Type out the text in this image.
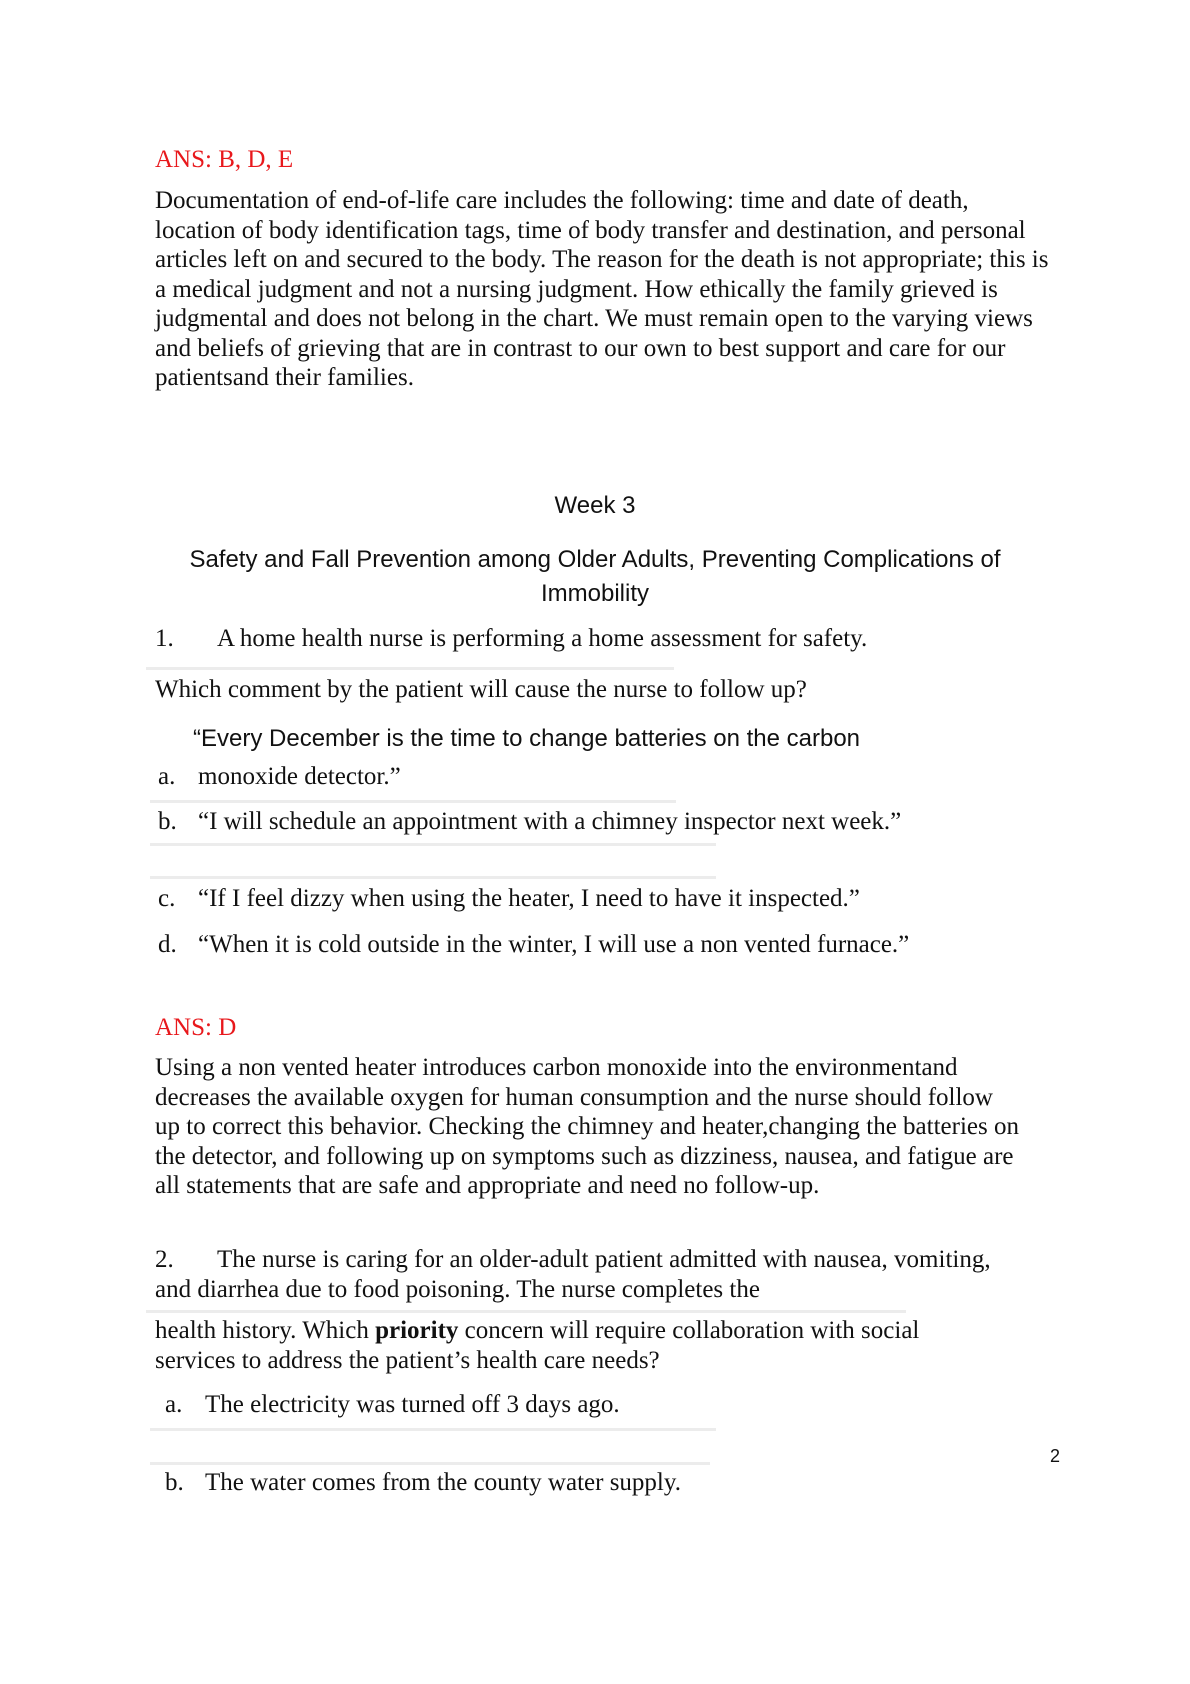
ANS: B, D, E
Documentation of end-of-life care includes the following: time and date of death, location of body identification tags, time of body transfer and destination, and personal articles left on and secured to the body. The reason for the death is not appropriate; this is a medical judgment and not a nursing judgment. How ethically the family grieved is judgmental and does not belong in the chart. We must remain open to the varying views and beliefs of grieving that are in contrast to our own to best support and care for our patientsand their families.
Week 3
Safety and Fall Prevention among Older Adults, Preventing Complications of Immobility
1. A home health nurse is performing a home assessment for safety.
Which comment by the patient will cause the nurse to follow up?
“Every December is the time to change batteries on the carbon
a. monoxide detector.”
b. “I will schedule an appointment with a chimney inspector next week.”
c. “If I feel dizzy when using the heater, I need to have it inspected.”
d. “When it is cold outside in the winter, I will use a non vented furnace.”
ANS: D
Using a non vented heater introduces carbon monoxide into the environmentand decreases the available oxygen for human consumption and the nurse should follow up to correct this behavior. Checking the chimney and heater,changing the batteries on the detector, and following up on symptoms such as dizziness, nausea, and fatigue are all statements that are safe and appropriate and need no follow-up.
2. The nurse is caring for an older-adult patient admitted with nausea, vomiting, and diarrhea due to food poisoning. The nurse completes the
health history. Which priority concern will require collaboration with social services to address the patient’s health care needs?
a. The electricity was turned off 3 days ago.
2
b. The water comes from the county water supply.
